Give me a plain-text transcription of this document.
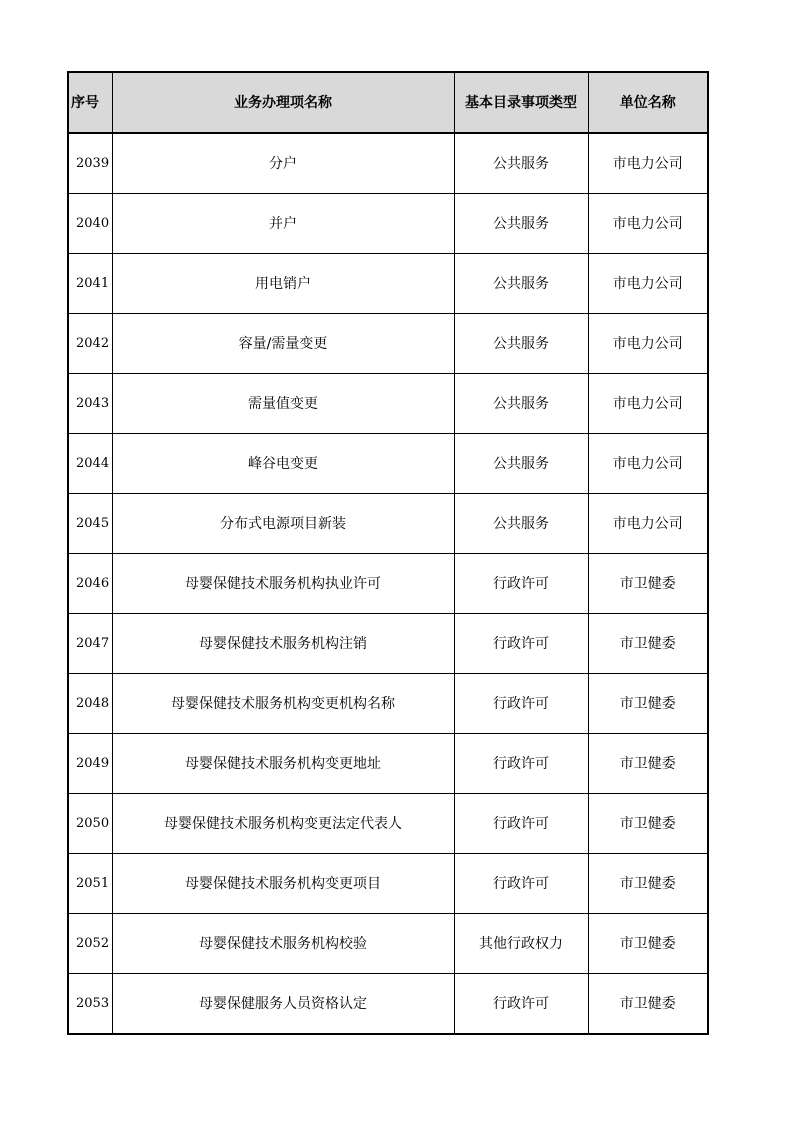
序号	业务办理项名称	基本目录事项类型	单位名称
2039	分户	公共服务	市电力公司
2040	并户	公共服务	市电力公司
2041	用电销户	公共服务	市电力公司
2042	容量/需量变更	公共服务	市电力公司
2043	需量值变更	公共服务	市电力公司
2044	峰谷电变更	公共服务	市电力公司
2045	分布式电源项目新装	公共服务	市电力公司
2046	母婴保健技术服务机构执业许可	行政许可	市卫健委
2047	母婴保健技术服务机构注销	行政许可	市卫健委
2048	母婴保健技术服务机构变更机构名称	行政许可	市卫健委
2049	母婴保健技术服务机构变更地址	行政许可	市卫健委
2050	母婴保健技术服务机构变更法定代表人	行政许可	市卫健委
2051	母婴保健技术服务机构变更项目	行政许可	市卫健委
2052	母婴保健技术服务机构校验	其他行政权力	市卫健委
2053	母婴保健服务人员资格认定	行政许可	市卫健委
